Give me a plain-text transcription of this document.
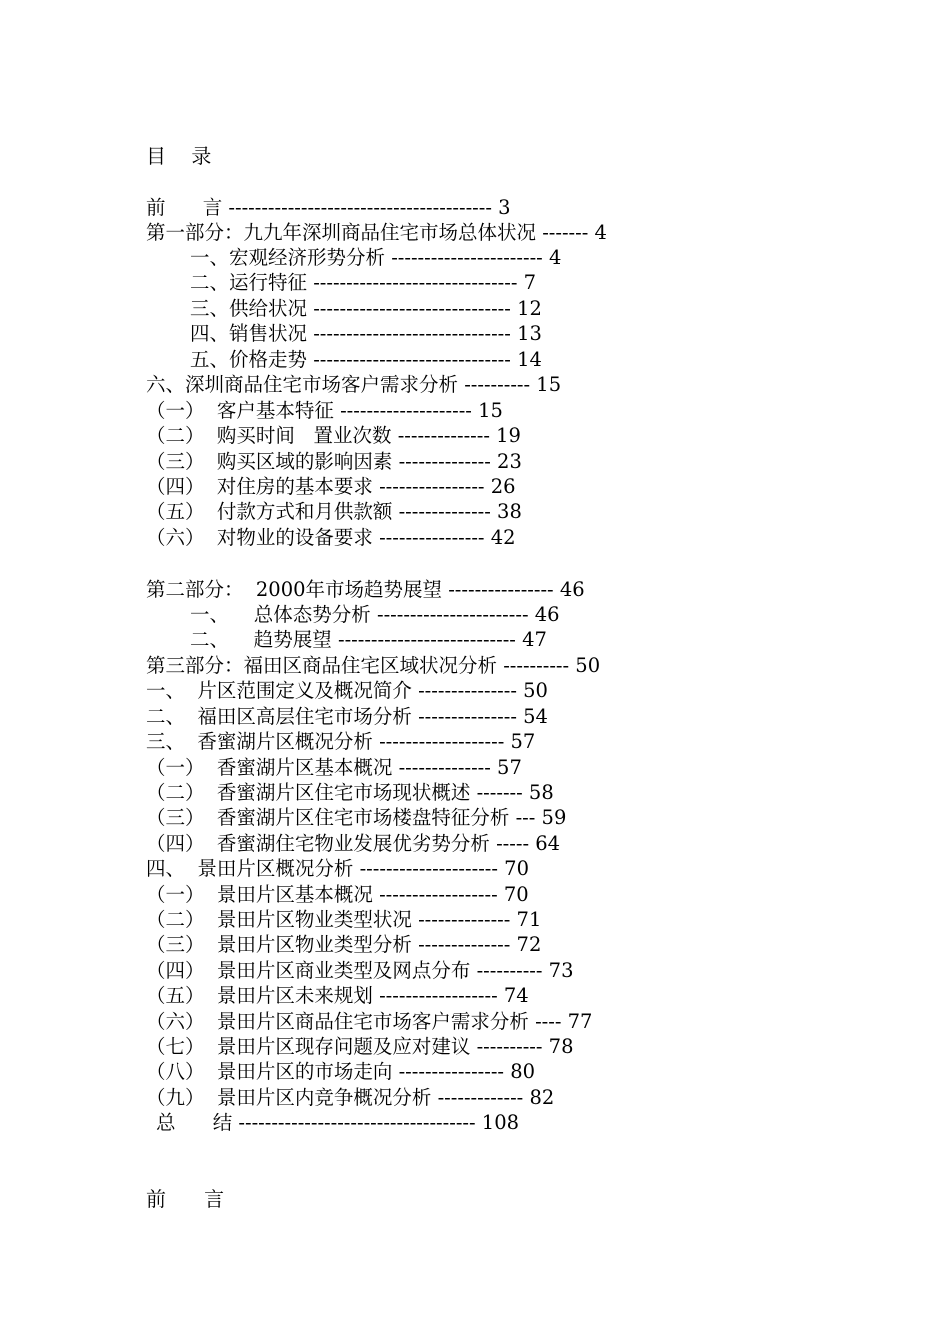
目    录
前      言 ---------------------------------------- 3
第一部分：九九年深圳商品住宅市场总体状况 ------- 4
一、宏观经济形势分析 ----------------------- 4
二、运行特征 ------------------------------- 7
三、供给状况 ------------------------------ 12
四、销售状况 ------------------------------ 13
五、价格走势 ------------------------------ 14
六、深圳商品住宅市场客户需求分析 ---------- 15
（一）  客户基本特征 -------------------- 15
（二）  购买时间   置业次数 -------------- 19
（三）  购买区域的影响因素 -------------- 23
（四）  对住房的基本要求 ---------------- 26
（五）  付款方式和月供款额 -------------- 38
（六）  对物业的设备要求 ---------------- 42
第二部分：  2000年市场趋势展望 ---------------- 46
一、    总体态势分析 ----------------------- 46
二、    趋势展望 --------------------------- 47
第三部分：福田区商品住宅区域状况分析 ---------- 50
一、  片区范围定义及概况简介 --------------- 50
二、  福田区高层住宅市场分析 --------------- 54
三、  香蜜湖片区概况分析 ------------------- 57
（一）  香蜜湖片区基本概况 -------------- 57
（二）  香蜜湖片区住宅市场现状概述 ------- 58
（三）  香蜜湖片区住宅市场楼盘特征分析 --- 59
（四）  香蜜湖住宅物业发展优劣势分析 ----- 64
四、  景田片区概况分析 --------------------- 70
（一）  景田片区基本概况 ------------------ 70
（二）  景田片区物业类型状况 -------------- 71
（三）  景田片区物业类型分析 -------------- 72
（四）  景田片区商业类型及网点分布 ---------- 73
（五）  景田片区未来规划 ------------------ 74
（六）  景田片区商品住宅市场客户需求分析 ---- 77
（七）  景田片区现存问题及应对建议 ---------- 78
（八）  景田片区的市场走向 ---------------- 80
（九）  景田片区内竞争概况分析 ------------- 82
总      结 ------------------------------------ 108
前      言
